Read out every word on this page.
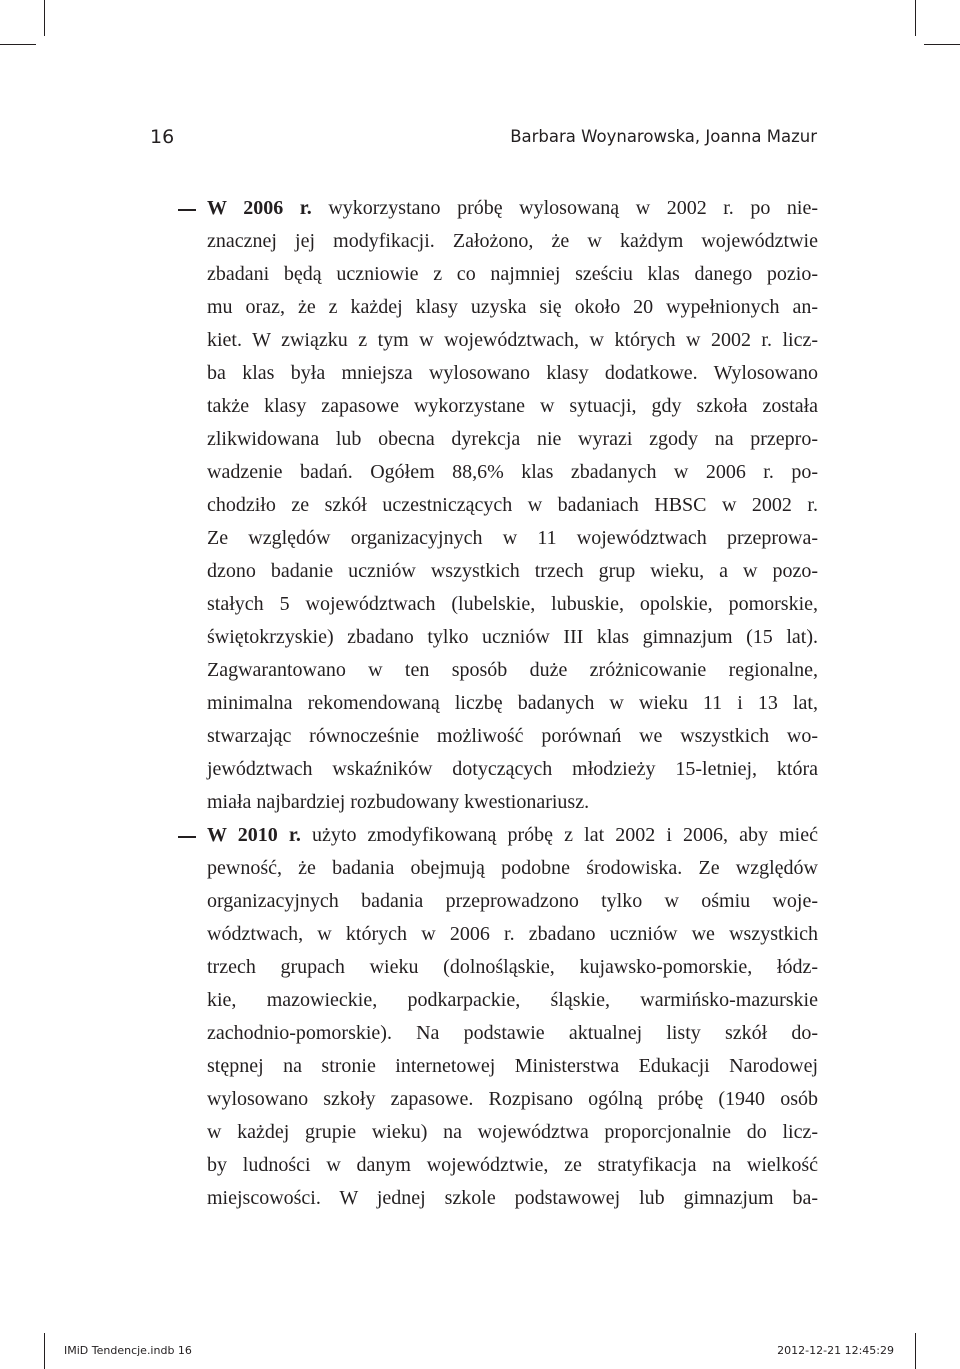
16	Barbara Woynarowska, Joanna Mazur
W 2006 r. wykorzystano próbę wylosowaną w 2002 r. po nie-
znacznej jej modyfikacji. Założono, że w każdym województwie
zbadani będą uczniowie z co najmniej sześciu klas danego pozio-
mu oraz, że z każdej klasy uzyska się około 20 wypełnionych an-
kiet. W związku z tym w województwach, w których w 2002 r. licz-
ba klas była mniejsza wylosowano klasy dodatkowe. Wylosowano
także klasy zapasowe wykorzystane w sytuacji, gdy szkoła została
zlikwidowana lub obecna dyrekcja nie wyrazi zgody na przepro-
wadzenie badań. Ogółem 88,6% klas zbadanych w 2006 r. po-
chodziło ze szkół uczestniczących w badaniach HBSC w 2002 r.
Ze względów organizacyjnych w 11 województwach przeprowa-
dzono badanie uczniów wszystkich trzech grup wieku, a w pozo-
stałych 5 województwach (lubelskie, lubuskie, opolskie, pomorskie,
świętokrzyskie) zbadano tylko uczniów III klas gimnazjum (15 lat).
Zagwarantowano w ten sposób duże zróżnicowanie regionalne,
minimalna rekomendowaną liczbę badanych w wieku 11 i 13 lat,
stwarzając równocześnie możliwość porównań we wszystkich wo-
jewództwach wskaźników dotyczących młodzieży 15-letniej, która
miała najbardziej rozbudowany kwestionariusz.
W 2010 r. użyto zmodyfikowaną próbę z lat 2002 i 2006, aby mieć
pewność, że badania obejmują podobne środowiska. Ze względów
organizacyjnych badania przeprowadzono tylko w ośmiu woje-
wództwach, w których w 2006 r. zbadano uczniów we wszystkich
trzech grupach wieku (dolnośląskie, kujawsko-pomorskie, łódz-
kie, mazowieckie, podkarpackie, śląskie, warmińsko-mazurskie
zachodnio-pomorskie). Na podstawie aktualnej listy szkół do-
stępnej na stronie internetowej Ministerstwa Edukacji Narodowej
wylosowano szkoły zapasowe. Rozpisano ogólną próbę (1940 osób
w każdej grupie wieku) na województwa proporcjonalnie do licz-
by ludności w danym województwie, ze stratyfikacja na wielkość
miejscowości. W jednej szkole podstawowej lub gimnazjum ba-
IMiD Tendencje.indb 16	2012-12-21 12:45:29
